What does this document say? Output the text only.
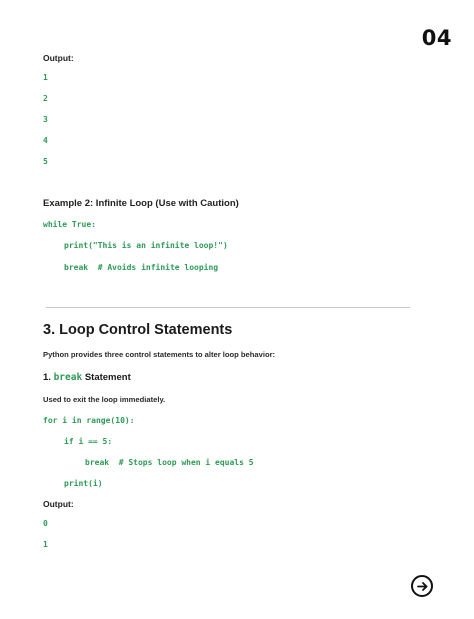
04
Output:
1
2
3
4
5
Example 2: Infinite Loop (Use with Caution)
while True:
print("This is an infinite loop!")
break  # Avoids infinite looping
3. Loop Control Statements
Python provides three control statements to alter loop behavior:
1. break Statement
Used to exit the loop immediately.
for i in range(10):
if i == 5:
break  # Stops loop when i equals 5
print(i)
Output:
0
1
